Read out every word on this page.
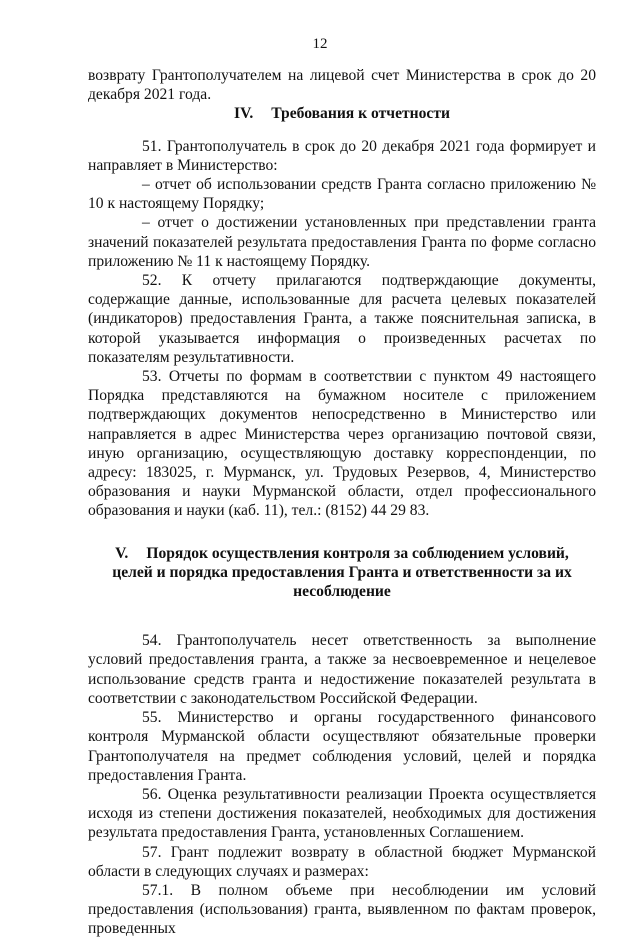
12

возврату Грантополучателем на лицевой счет Министерства в срок до 20 декабря 2021 года.

IV. Требования к отчетности

51. Грантополучатель в срок до 20 декабря 2021 года формирует и направляет в Министерство:

– отчет об использовании средств Гранта согласно приложению № 10 к настоящему Порядку;

– отчет о достижении установленных при представлении гранта значений показателей результата предоставления Гранта по форме согласно приложению № 11 к настоящему Порядку.

52. К отчету прилагаются подтверждающие документы, содержащие данные, использованные для расчета целевых показателей (индикаторов) предоставления Гранта, а также пояснительная записка, в которой указывается информация о произведенных расчетах по показателям результативности.

53. Отчеты по формам в соответствии с пунктом 49 настоящего Порядка представляются на бумажном носителе с приложением подтверждающих документов непосредственно в Министерство или направляется в адрес Министерства через организацию почтовой связи, иную организацию, осуществляющую доставку корреспонденции, по адресу: 183025, г. Мурманск, ул. Трудовых Резервов, 4, Министерство образования и науки Мурманской области, отдел профессионального образования и науки (каб. 11), тел.: (8152) 44 29 83.

V. Порядок осуществления контроля за соблюдением условий, целей и порядка предоставления Гранта и ответственности за их несоблюдение

54. Грантополучатель несет ответственность за выполнение условий предоставления гранта, а также за несвоевременное и нецелевое использование средств гранта и недостижение показателей результата в соответствии с законодательством Российской Федерации.

55. Министерство и органы государственного финансового контроля Мурманской области осуществляют обязательные проверки Грантополучателя на предмет соблюдения условий, целей и порядка предоставления Гранта.

56. Оценка результативности реализации Проекта осуществляется исходя из степени достижения показателей, необходимых для достижения результата предоставления Гранта, установленных Соглашением.

57. Грант подлежит возврату в областной бюджет Мурманской области в следующих случаях и размерах:

57.1. В полном объеме при несоблюдении им условий предоставления (использования) гранта, выявленном по фактам проверок, проведенных
